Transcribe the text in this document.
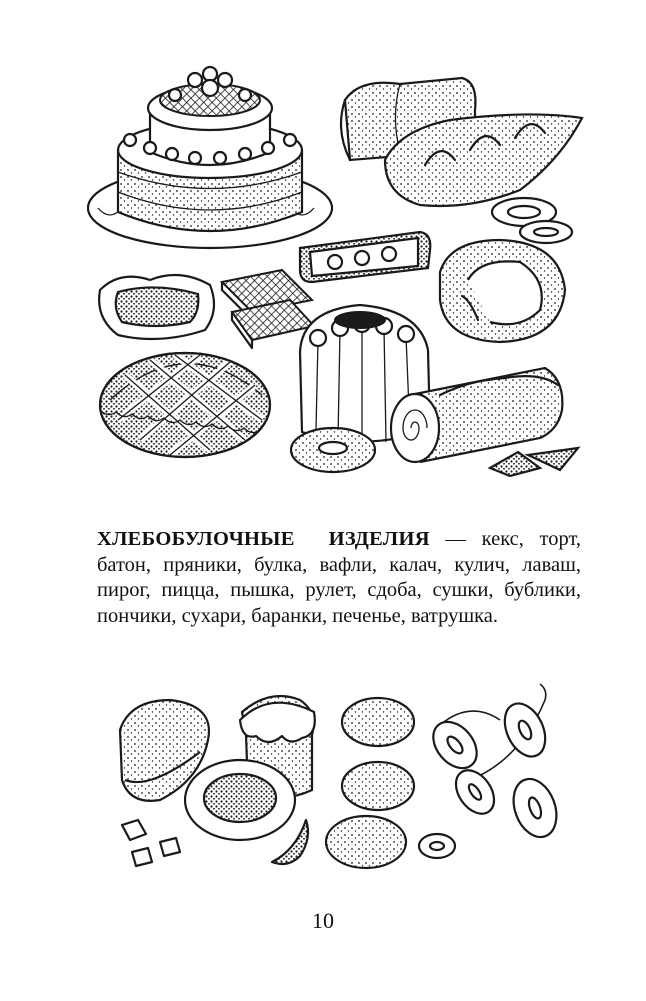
ХЛЕБОБУЛОЧНЫЕ ИЗДЕЛИЯ — кекс, торт, батон, пряники, булка, вафли, калач, кулич, лаваш, пирог, пицца, пышка, рулет, сдоба, сушки, бублики, пончики, сухари, баранки, печенье, ватрушка.
10
